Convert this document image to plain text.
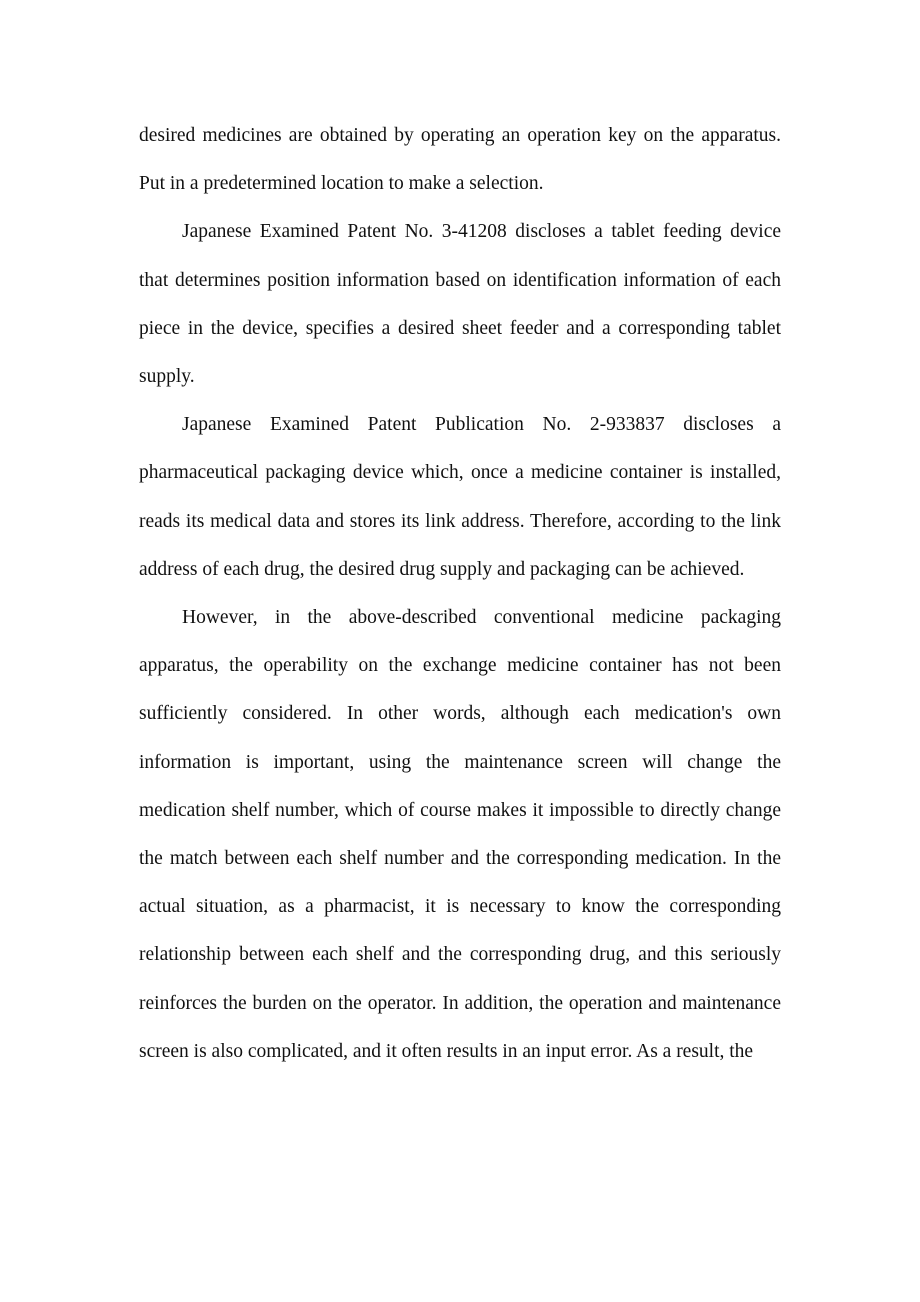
desired medicines are obtained by operating an operation key on the apparatus. Put in a predetermined location to make a selection.

Japanese Examined Patent No. 3-41208 discloses a tablet feeding device that determines position information based on identification information of each piece in the device, specifies a desired sheet feeder and a corresponding tablet supply.

Japanese Examined Patent Publication No. 2-933837 discloses a pharmaceutical packaging device which, once a medicine container is installed, reads its medical data and stores its link address. Therefore, according to the link address of each drug, the desired drug supply and packaging can be achieved.

However, in the above-described conventional medicine packaging apparatus, the operability on the exchange medicine container has not been sufficiently considered. In other words, although each medication's own information is important, using the maintenance screen will change the medication shelf number, which of course makes it impossible to directly change the match between each shelf number and the corresponding medication. In the actual situation, as a pharmacist, it is necessary to know the corresponding relationship between each shelf and the corresponding drug, and this seriously reinforces the burden on the operator. In addition, the operation and maintenance screen is also complicated, and it often results in an input error. As a result, the
